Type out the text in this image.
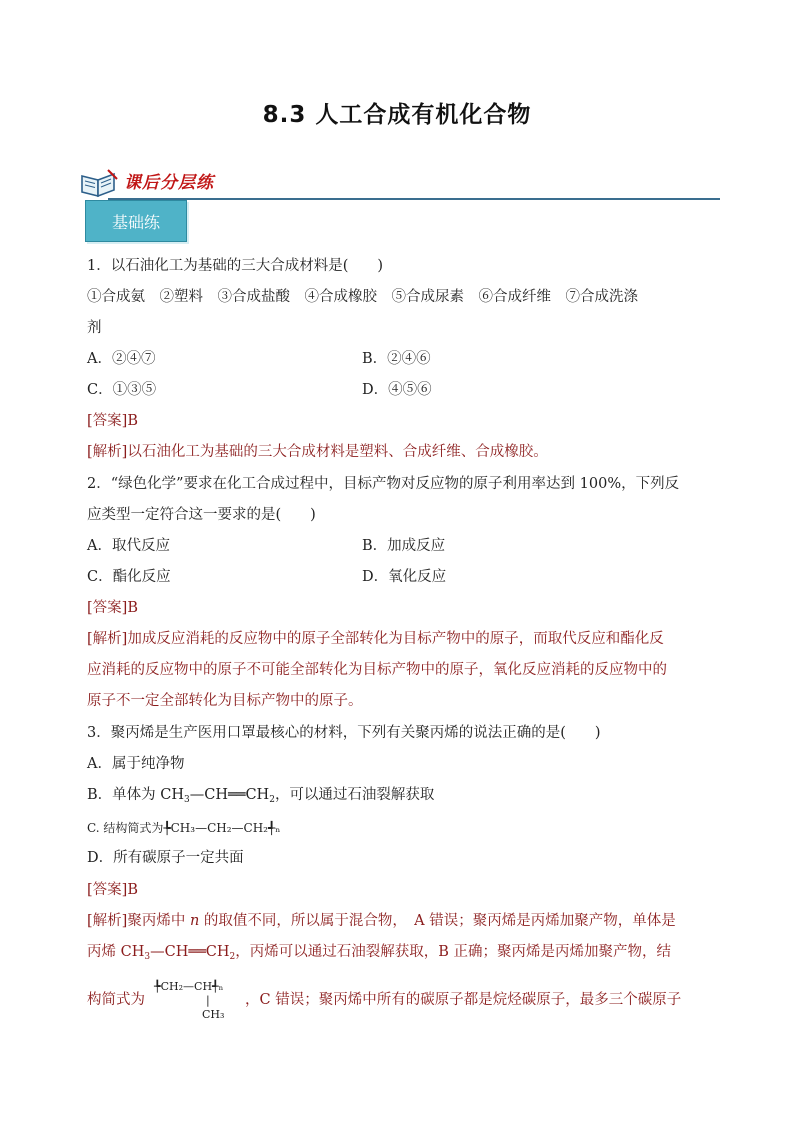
8.3 人工合成有机化合物
课后分层练
基础练
1．以石油化工为基础的三大合成材料是(　　)
①合成氨　②塑料　③合成盐酸　④合成橡胶　⑤合成尿素　⑥合成纤维　⑦合成洗涤
剂
A．②④⑦	B．②④⑥
C．①③⑤	D．④⑤⑥
[答案]B
[解析]以石油化工为基础的三大合成材料是塑料、合成纤维、合成橡胶。
2．“绿色化学”要求在化工合成过程中，目标产物对反应物的原子利用率达到 100%，下列反
应类型一定符合这一要求的是(　　)
A．取代反应	B．加成反应
C．酯化反应	D．氧化反应
[答案]B
[解析]加成反应消耗的反应物中的原子全部转化为目标产物中的原子，而取代反应和酯化反
应消耗的反应物中的原子不可能全部转化为目标产物中的原子，氧化反应消耗的反应物中的
原子不一定全部转化为目标产物中的原子。
3．聚丙烯是生产医用口罩最核心的材料，下列有关聚丙烯的说法正确的是(　　)
A．属于纯净物
B．单体为 $CH_3—CH══CH_2$，可以通过石油裂解获取
C. 结构简式为╄CH₃—CH₂—CH₂╃ₙ
D．所有碳原子一定共面
[答案]B
[解析]聚丙烯中 n 的取值不同，所以属于混合物，　A 错误；聚丙烯是丙烯加聚产物，单体是
丙烯 $CH_3—CH══CH_2$，丙烯可以通过石油裂解获取，B 正确；聚丙烯是丙烯加聚产物，结
构简式为
╄CH₂—CH╃ₙ
|
CH₃
，C 错误；聚丙烯中所有的碳原子都是烷烃碳原子，最多三个碳原子
